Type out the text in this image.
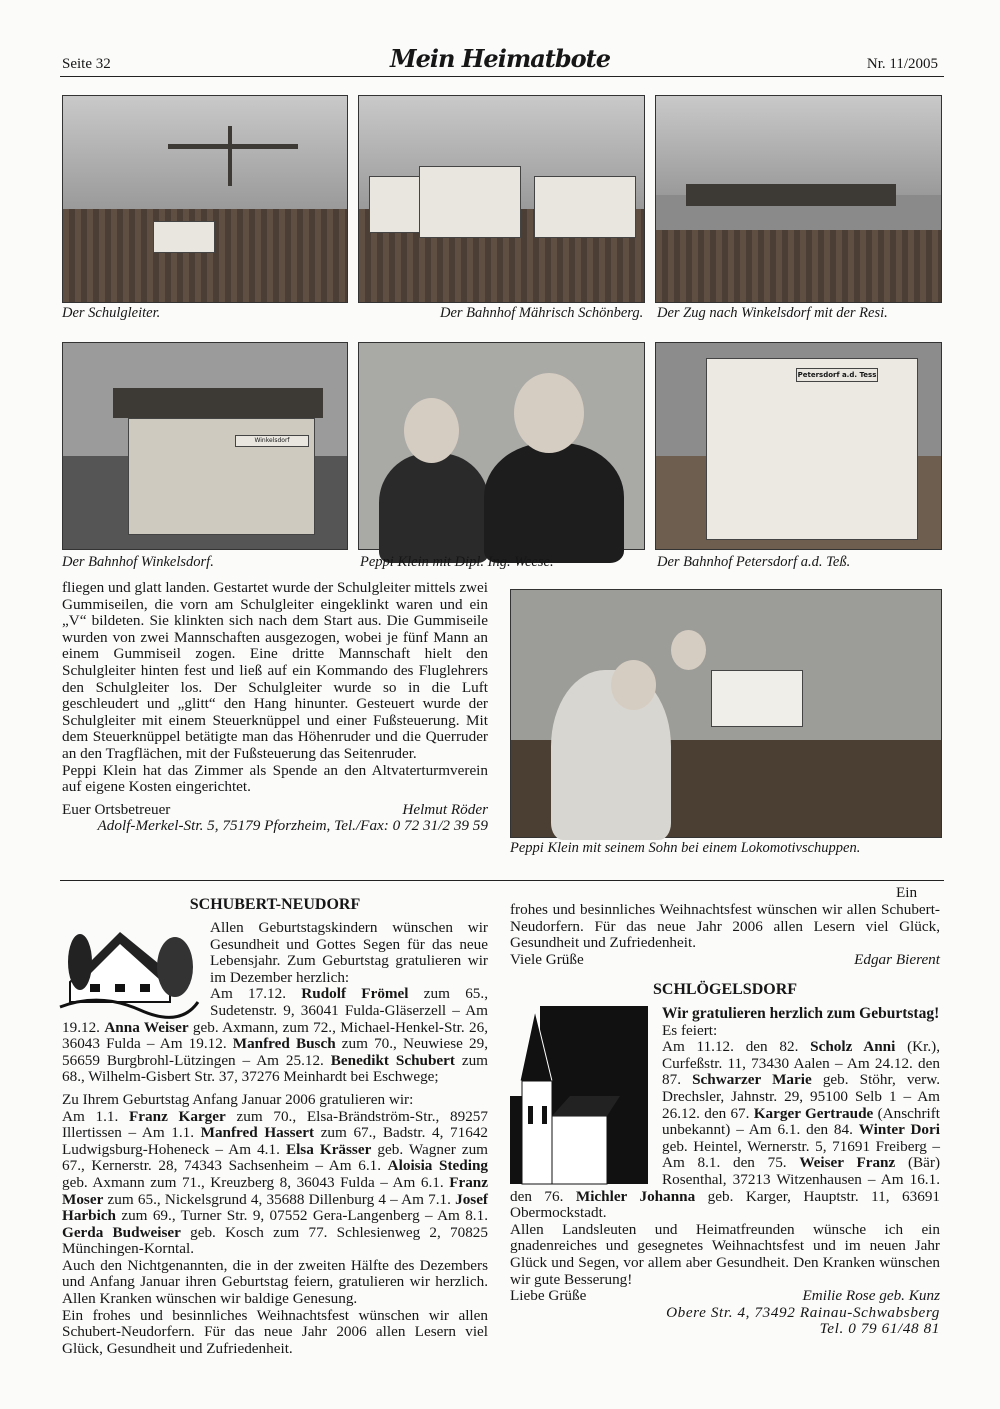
Seite 32	Mein Heimatbote	Nr. 11/2005
Der Schulgleiter.	Der Bahnhof Mährisch Schönberg. Der Zug nach Winkelsdorf mit der Resi.
Winkelsdorf
Der Bahnhof Winkelsdorf.	Peppi Klein mit Dipl. Ing. Weese.
Petersdorf a.d. Tess
Der Bahnhof Petersdorf a.d. Teß.

fliegen und glatt landen. Gestartet wurde der Schulgleiter mittels zwei Gummiseilen, die vorn am Schulgleiter eingeklinkt waren und ein „V“ bildeten. Sie klinkten sich nach dem Start aus. Die Gummiseile wurden von zwei Mannschaften ausgezogen, wobei je fünf Mann an einem Gummiseil zogen. Eine dritte Mannschaft hielt den Schulgleiter hinten fest und ließ auf ein Kommando des Fluglehrers den Schulgleiter los. Der Schulgleiter wurde so in die Luft geschleudert und „glitt“ den Hang hinunter. Gesteuert wurde der Schulgleiter mit einem Steuerknüppel und einer Fußsteuerung. Mit dem Steuerknüppel betätigte man das Höhenruder und die Querruder an den Tragflächen, mit der Fußsteuerung das Seitenruder.

Peppi Klein hat das Zimmer als Spende an den Altvaterturmverein auf eigene Kosten eingerichtet.

Euer Ortsbetreuer	Helmut Röder
Adolf-Merkel-Str. 5, 75179 Pforzheim, Tel./Fax: 0 72 31/2 39 59
Peppi Klein mit seinem Sohn bei einem Lokomotivschuppen.
SCHUBERT-NEUDORF

Allen Geburtstagskindern wünschen wir Gesundheit und Gottes Segen für das neue Lebensjahr. Zum Geburtstag gratulieren wir im Dezember herzlich:

Am 17.12. Rudolf Frömel zum 65., Sudetenstr. 9, 36041 Fulda-Gläserzell – Am 19.12. Anna Weiser geb. Axmann, zum 72., Michael-Henkel-Str. 26, 36043 Fulda – Am 19.12. Manfred Busch zum 70., Neuwiese 29, 56659 Burgbrohl-Lützingen – Am 25.12. Benedikt Schubert zum 68., Wilhelm-Gisbert Str. 37, 37276 Meinhardt bei Eschwege;

Zu Ihrem Geburtstag Anfang Januar 2006 gratulieren wir:

Am 1.1. Franz Karger zum 70., Elsa-Brändström-Str., 89257 Illertissen – Am 1.1. Manfred Hassert zum 67., Badstr. 4, 71642 Ludwigsburg-Hoheneck – Am 4.1. Elsa Krässer geb. Wagner zum 67., Kernerstr. 28, 74343 Sachsenheim – Am 6.1. Aloisia Steding geb. Axmann zum 71., Kreuzberg 8, 36043 Fulda – Am 6.1. Franz Moser zum 65., Nickelsgrund 4, 35688 Dillenburg 4 – Am 7.1. Josef Harbich zum 69., Turner Str. 9, 07552 Gera-Langenberg – Am 8.1. Gerda Budweiser geb. Kosch zum 77. Schlesienweg 2, 70825 Münchingen-Korntal.

Auch den Nichtgenannten, die in der zweiten Hälfte des Dezembers und Anfang Januar ihren Geburtstag feiern, gratulieren wir herzlich. Allen Kranken wünschen wir baldige Genesung.

Ein frohes und besinnliches Weihnachtsfest wünschen wir allen Schubert-Neudorfern. Für das neue Jahr 2006 allen Lesern viel Glück, Gesundheit und Zufriedenheit.

Ein frohes und besinnliches Weihnachtsfest wünschen wir allen Schubert-Neudorfern. Für das neue Jahr 2006 allen Lesern viel Glück, Gesundheit und Zufriedenheit.
Viele Grüße	Edgar Bierent
SCHLÖGELSDORF
Wir gratulieren herzlich zum Geburtstag!

Es feiert:

Am 11.12. den 82. Scholz Anni (Kr.), Curfeßstr. 11, 73430 Aalen – Am 24.12. den 87. Schwarzer Marie geb. Stöhr, verw. Drechsler, Jahnstr. 29, 95100 Selb 1 – Am 26.12. den 67. Karger Gertraude (Anschrift unbekannt) – Am 6.1. den 84. Winter Dori geb. Heintel, Wernerstr. 5, 71691 Freiberg – Am 8.1. den 75. Weiser Franz (Bär) Rosenthal, 37213 Witzenhausen – Am 16.1. den 76. Michler Johanna geb. Karger, Hauptstr. 11, 63691 Obermockstadt.

Allen Landsleuten und Heimatfreunden wünsche ich ein gnadenreiches und gesegnetes Weihnachtsfest und im neuen Jahr Glück und Segen, vor allem aber Gesundheit. Den Kranken wünschen wir gute Besserung!

Liebe Grüße	Emilie Rose geb. Kunz
Obere Str. 4, 73492 Rainau-Schwabsberg
Tel. 0 79 61/48 81
